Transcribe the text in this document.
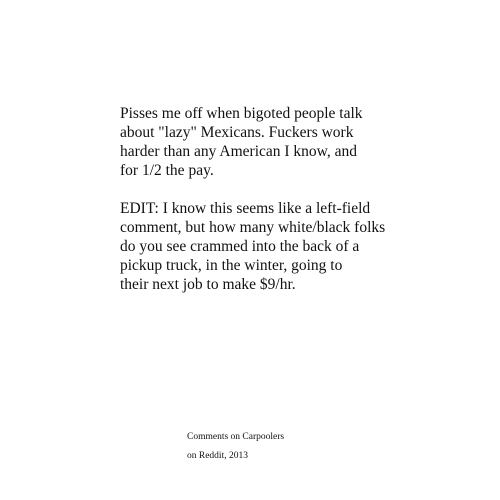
Pisses me off when bigoted people talk
about "lazy" Mexicans. Fuckers work
harder than any American I know, and
for 1/2 the pay.
EDIT: I know this seems like a left-field
comment, but how many white/black folks
do you see crammed into the back of a
pickup truck, in the winter, going to
their next job to make $9/hr.
Comments on Carpoolers
on Reddit, 2013
